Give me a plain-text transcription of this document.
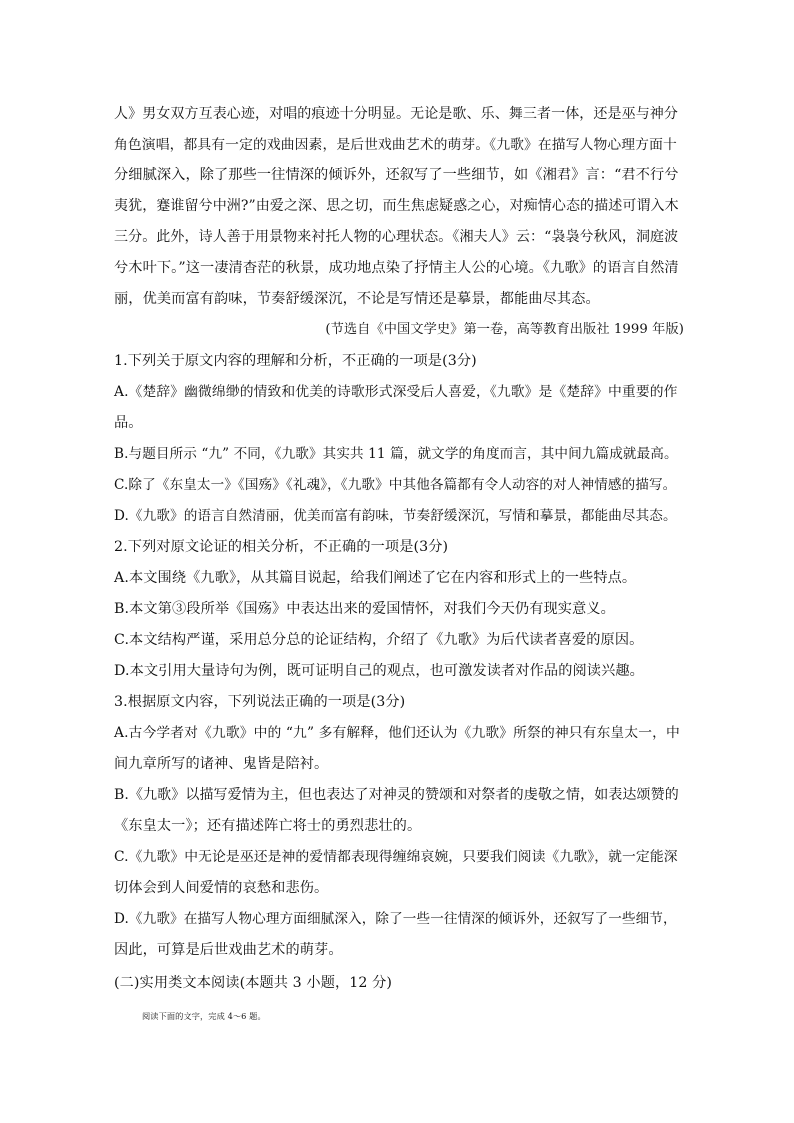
人》男女双方互表心迹，对唱的痕迹十分明显。无论是歌、乐、舞三者一体，还是巫与神分
角色演唱，都具有一定的戏曲因素，是后世戏曲艺术的萌芽。《九歌》在描写人物心理方面十
分细腻深入，除了那些一往情深的倾诉外，还叙写了一些细节，如《湘君》言：“君不行兮
夷犹，蹇谁留兮中洲?”由爱之深、思之切，而生焦虑疑惑之心，对痴情心态的描述可谓入木
三分。此外，诗人善于用景物来衬托人物的心理状态。《湘夫人》云：“袅袅兮秋风，洞庭波
兮木叶下。”这一凄清杳茫的秋景，成功地点染了抒情主人公的心境。《九歌》的语言自然清
丽，优美而富有韵味，节奏舒缓深沉，不论是写情还是摹景，都能曲尽其态。
(节选自《中国文学史》第一卷，高等教育出版社 1999 年版)
1.下列关于原文内容的理解和分析，不正确的一项是(3分)
A.《楚辞》幽微绵缈的情致和优美的诗歌形式深受后人喜爱，《九歌》是《楚辞》中重要的作
品。
B.与题目所示 “九” 不同，《九歌》其实共 11 篇，就文学的角度而言，其中间九篇成就最高。
C.除了《东皇太一》《国殇》《礼魂》，《九歌》中其他各篇都有令人动容的对人神情感的描写。
D.《九歌》的语言自然清丽，优美而富有韵味，节奏舒缓深沉，写情和摹景，都能曲尽其态。
2.下列对原文论证的相关分析，不正确的一项是(3分)
A.本文围绕《九歌》，从其篇目说起，给我们阐述了它在内容和形式上的一些特点。
B.本文第③段所举《国殇》中表达出来的爱国情怀，对我们今天仍有现实意义。
C.本文结构严谨，采用总分总的论证结构，介绍了《九歌》为后代读者喜爱的原因。
D.本文引用大量诗句为例，既可证明自己的观点，也可激发读者对作品的阅读兴趣。
3.根据原文内容，下列说法正确的一项是(3分)
A.古今学者对《九歌》中的 “九” 多有解释，他们还认为《九歌》所祭的神只有东皇太一，中
间九章所写的诸神、鬼皆是陪衬。
B.《九歌》以描写爱情为主，但也表达了对神灵的赞颂和对祭者的虔敬之情，如表达颂赞的
《东皇太一》；还有描述阵亡将士的勇烈悲壮的。
C.《九歌》中无论是巫还是神的爱情都表现得缠绵哀婉，只要我们阅读《九歌》，就一定能深
切体会到人间爱情的哀愁和悲伤。
D.《九歌》在描写人物心理方面细腻深入，除了一些一往情深的倾诉外，还叙写了一些细节，
因此，可算是后世戏曲艺术的萌芽。
(二)实用类文本阅读(本题共 3 小题，12 分)
阅读下面的文字，完成 4～6 题。
